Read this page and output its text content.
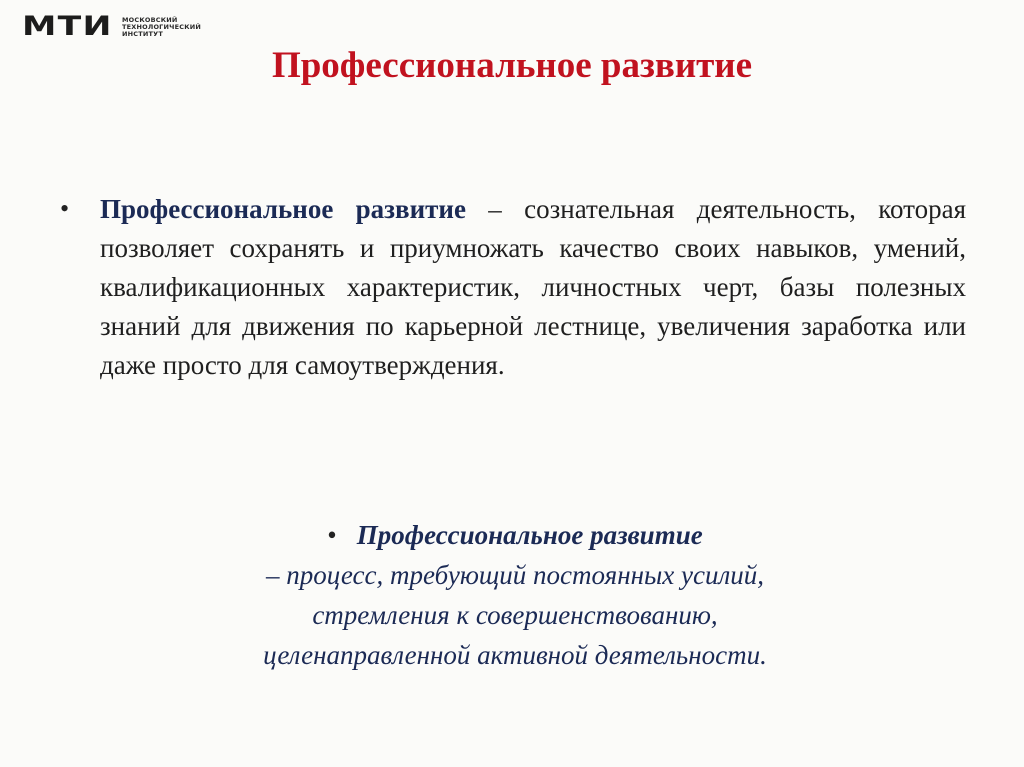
МТИ	МОСКОВСКИЙ
ТЕХНОЛОГИЧЕСКИЙ
ИНСТИТУТ
Профессиональное развитие
• Профессиональное развитие – сознательная деятельность, которая позволяет сохранять и приумножать качество своих навыков, умений, квалификационных характеристик, личностных черт, базы полезных знаний для движения по карьерной лестнице, увеличения заработка или даже просто для самоутверждения.
• Профессиональное развитие
– процесс, требующий постоянных усилий,
стремления к совершенствованию,
целенаправленной активной деятельности.
